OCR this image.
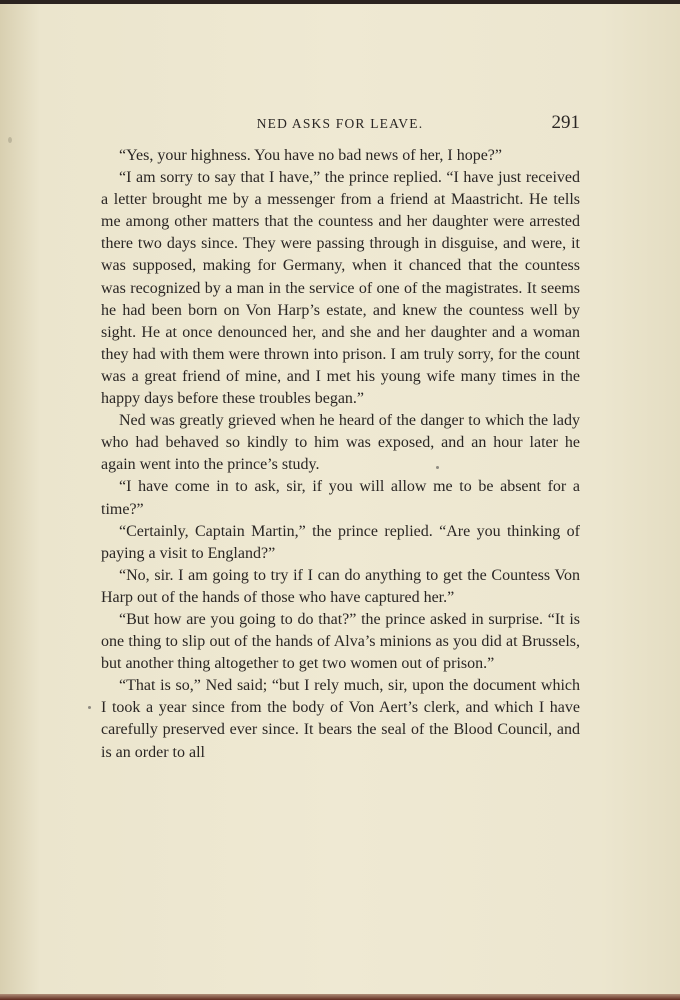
NED ASKS FOR LEAVE.	291

“Yes, your highness. You have no bad news of her, I hope?”

“I am sorry to say that I have,” the prince replied. “I have just received a letter brought me by a messenger from a friend at Maastricht. He tells me among other matters that the countess and her daughter were arrested there two days since. They were passing through in disguise, and were, it was supposed, making for Germany, when it chanced that the countess was recognized by a man in the service of one of the magistrates. It seems he had been born on Von Harp’s estate, and knew the countess well by sight. He at once denounced her, and she and her daughter and a woman they had with them were thrown into prison. I am truly sorry, for the count was a great friend of mine, and I met his young wife many times in the happy days before these troubles began.”

Ned was greatly grieved when he heard of the danger to which the lady who had behaved so kindly to him was exposed, and an hour later he again went into the prince’s study.

“I have come in to ask, sir, if you will allow me to be absent for a time?”

“Certainly, Captain Martin,” the prince replied. “Are you thinking of paying a visit to England?”

“No, sir. I am going to try if I can do anything to get the Countess Von Harp out of the hands of those who have captured her.”

“But how are you going to do that?” the prince asked in surprise. “It is one thing to slip out of the hands of Alva’s minions as you did at Brussels, but another thing altogether to get two women out of prison.”

“That is so,” Ned said; “but I rely much, sir, upon the document which I took a year since from the body of Von Aert’s clerk, and which I have carefully preserved ever since. It bears the seal of the Blood Council, and is an order to all
